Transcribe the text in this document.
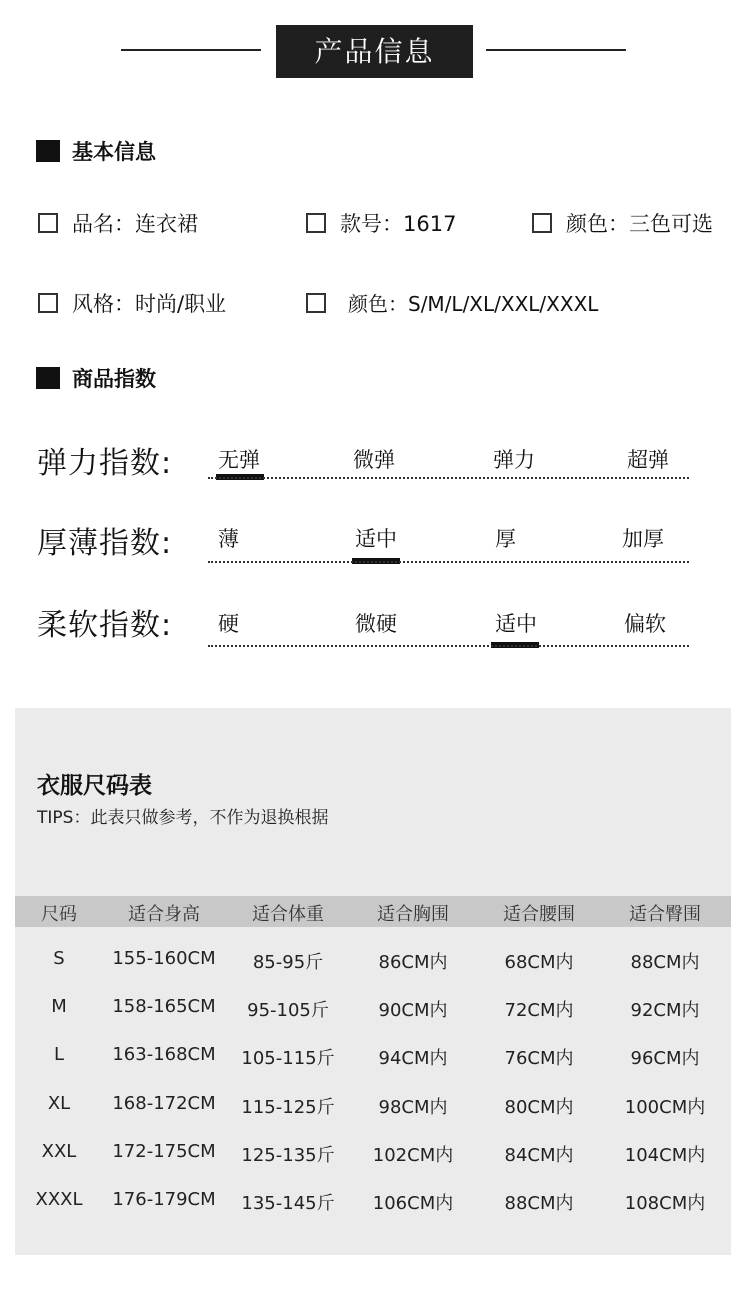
产品信息
基本信息
品名：连衣裙	款号：1617	颜色：三色可选
风格：时尚/职业	颜色：S/M/L/XL/XXL/XXXL
商品指数
弹力指数: 无弹	微弹	弹力	超弹
厚薄指数: 薄	适中	厚	加厚
柔软指数: 硬	微硬	适中	偏软
衣服尺码表
TIPS：此表只做参考，不作为退换根据
尺码	适合身高	适合体重	适合胸围	适合腰围	适合臀围
S	155-160CM 85-95斤	86CM内	68CM内	88CM内
M	158-165CM 95-105斤	90CM内	72CM内	92CM内
L	163-168CM 105-115斤 94CM内	76CM内	96CM内
XL 168-172CM 115-125斤 98CM内	80CM内	100CM内
XXL 172-175CM 125-135斤 102CM内	84CM内	104CM内
XXXL 176-179CM 135-145斤 106CM内	88CM内	108CM内
